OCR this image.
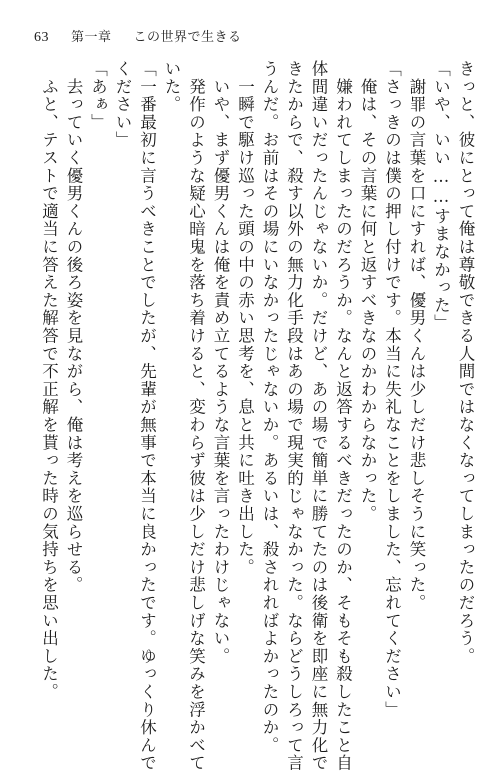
63 第一章 この世界で生きる
きっと、彼にとって俺は尊敬できる人間ではなくなってしまったのだろう。
「いや、いい……すまなかった」
　謝罪の言葉を口にすれば、優男くんは少しだけ悲しそうに笑った。
「さっきのは僕の押し付けです。本当に失礼なことをしました、忘れてください」
　俺は、その言葉に何と返すべきなのかわからなかった。
　嫌われてしまったのだろうか。なんと返答するべきだったのか、そもそも殺したこと自
体間違いだったんじゃないか。だけど、あの場で簡単に勝てたのは後衛を即座に無力化で
きたからで、殺す以外の無力化手段はあの場で現実的じゃなかった。ならどうしろって言
うんだ。お前はその場にいなかったじゃないか。あるいは、殺されればよかったのか。
　一瞬で駆け巡った頭の中の赤い思考を、息と共に吐き出した。
　いや、まず優男くんは俺を責め立てるような言葉を言ったわけじゃない。
　発作のような疑心暗鬼を落ち着けると、変わらず彼は少しだけ悲しげな笑みを浮かべて
いた。
「一番最初に言うべきことでしたが、先輩が無事で本当に良かったです。ゆっくり休んで
ください」
「あぁ」
　去っていく優男くんの後ろ姿を見ながら、俺は考えを巡らせる。
　ふと、テストで適当に答えた解答で不正解を貰った時の気持ちを思い出した。
